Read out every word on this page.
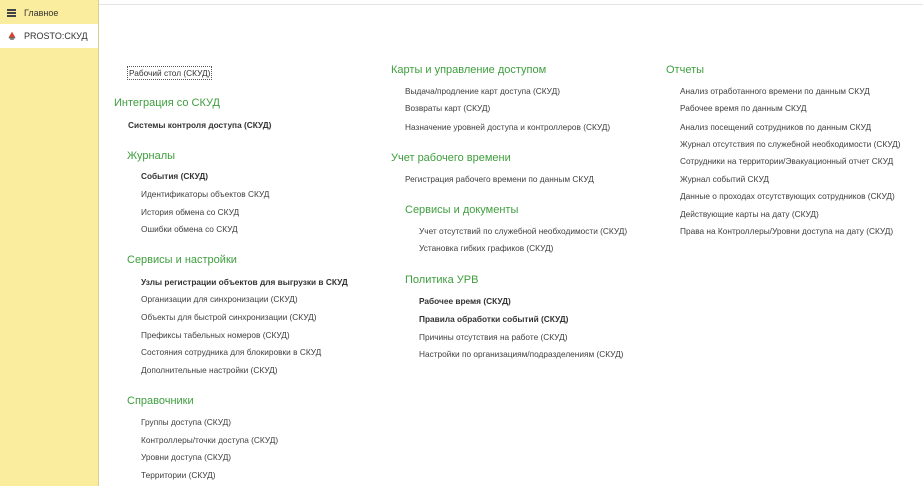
Главное
PROSTO:СКУД
Рабочий стол (СКУД)
Интеграция со СКУД
Системы контроля доступа (СКУД)
Журналы
События (СКУД)
Идентификаторы объектов СКУД
История обмена со СКУД
Ошибки обмена со СКУД
Сервисы и настройки
Узлы регистрации объектов для выгрузки в СКУД
Организации для синхронизации (СКУД)
Объекты для быстрой синхронизации (СКУД)
Префиксы табельных номеров (СКУД)
Состояния сотрудника для блокировки в СКУД
Дополнительные настройки (СКУД)
Справочники
Группы доступа (СКУД)
Контроллеры/точки доступа (СКУД)
Уровни доступа (СКУД)
Территории (СКУД)
Карты и управление доступом
Выдача/продление карт доступа (СКУД)
Возвраты карт (СКУД)
Назначение уровней доступа и контроллеров (СКУД)
Учет рабочего времени
Регистрация рабочего времени по данным СКУД
Сервисы и документы
Учет отсутствий по служебной необходимости (СКУД)
Установка гибких графиков (СКУД)
Политика УРВ
Рабочее время (СКУД)
Правила обработки событий (СКУД)
Причины отсутствия на работе (СКУД)
Настройки по организациям/подразделениям (СКУД)
Отчеты
Анализ отработанного времени по данным СКУД
Рабочее время по данным СКУД
Анализ посещений сотрудников по данным СКУД
Журнал отсутствия по служебной необходимости (СКУД)
Сотрудники на территории/Эвакуационный отчет СКУД
Журнал событий СКУД
Данные о проходах отсутствующих сотрудников (СКУД)
Действующие карты на дату (СКУД)
Права на Контроллеры/Уровни доступа на дату (СКУД)
